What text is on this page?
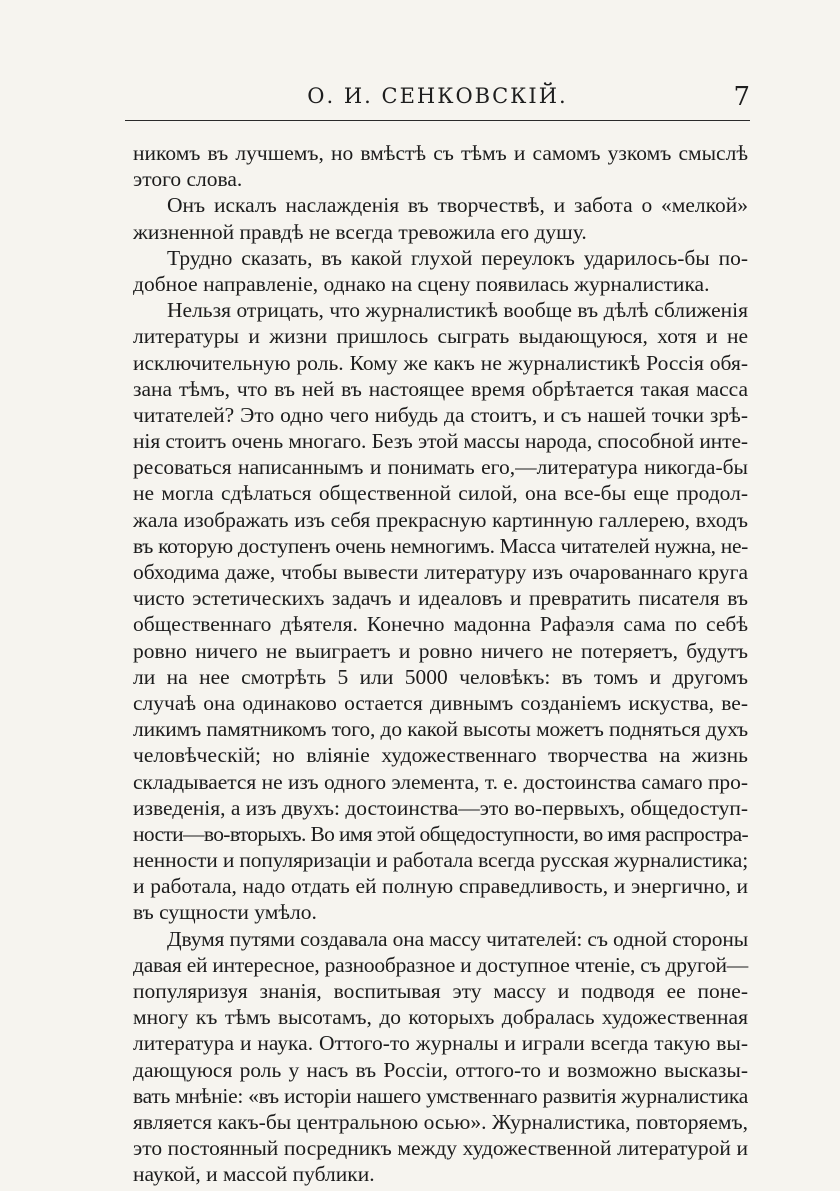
О. И. СЕНКОВСКІЙ.	7
никомъ въ лучшемъ, но вмѣстѣ съ тѣмъ и самомъ узкомъ смыслѣ
этого слова.
Онъ искалъ наслажденія въ творчествѣ, и забота о «мелкой»
жизненной правдѣ не всегда тревожила его душу.
Трудно сказать, въ какой глухой переулокъ ударилось-бы по-
добное направленіе, однако на сцену появилась журналистика.
Нельзя отрицать, что журналистикѣ вообще въ дѣлѣ сближенія
литературы и жизни пришлось сыграть выдающуюся, хотя и не
исключительную роль. Кому же какъ не журналистикѣ Россія обя-
зана тѣмъ, что въ ней въ настоящее время обрѣтается такая масса
читателей? Это одно чего нибудь да стоитъ, и съ нашей точки зрѣ-
нія стоитъ очень многаго. Безъ этой массы народа, способной инте-
ресоваться написаннымъ и понимать его,—литература никогда-бы
не могла сдѣлаться общественной силой, она все-бы еще продол-
жала изображать изъ себя прекрасную картинную галлерею, входъ
въ которую доступенъ очень немногимъ. Масса читателей нужна, не-
обходима даже, чтобы вывести литературу изъ очарованнаго круга
чисто эстетическихъ задачъ и идеаловъ и превратить писателя въ
общественнаго дѣятеля. Конечно мадонна Рафаэля сама по себѣ
ровно ничего не выиграетъ и ровно ничего не потеряетъ, будутъ
ли на нее смотрѣть 5 или 5000 человѣкъ: въ томъ и другомъ
случаѣ она одинаково остается дивнымъ созданіемъ искуства, ве-
ликимъ памятникомъ того, до какой высоты можетъ подняться духъ
человѣческій; но вліяніе художественнаго творчества на жизнь
складывается не изъ одного элемента, т. е. достоинства самаго про-
изведенія, а изъ двухъ: достоинства—это во-первыхъ, общедоступ-
ности—во-вторыхъ. Во имя этой общедоступности, во имя распростра-
ненности и популяризаціи и работала всегда русская журналистика;
и работала, надо отдать ей полную справедливость, и энергично, и
въ сущности умѣло.
Двумя путями создавала она массу читателей: съ одной стороны
давая ей интересное, разнообразное и доступное чтеніе, съ другой—
популяризуя знанія, воспитывая эту массу и подводя ее поне-
многу къ тѣмъ высотамъ, до которыхъ добралась художественная
литература и наука. Оттого-то журналы и играли всегда такую вы-
дающуюся роль у насъ въ Россіи, оттого-то и возможно высказы-
вать мнѣніе: «въ исторіи нашего умственнаго развитія журналистика
является какъ-бы центральною осью». Журналистика, повторяемъ,
это постоянный посредникъ между художественной литературой и
наукой, и массой публики.
